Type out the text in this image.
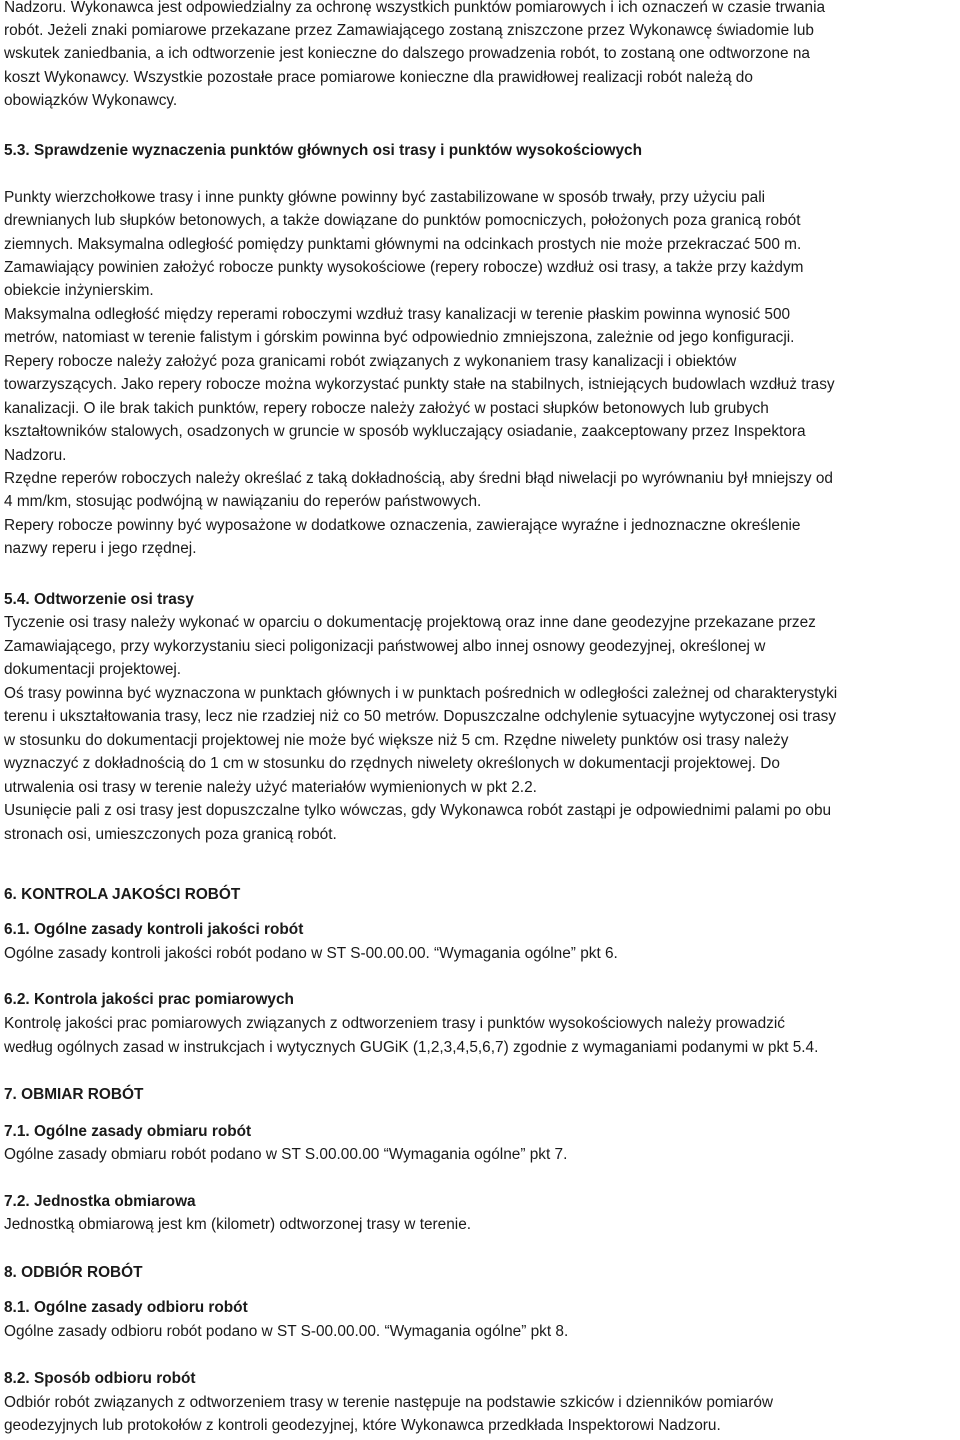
Nadzoru. Wykonawca jest odpowiedzialny za ochronę wszystkich punktów pomiarowych i ich oznaczeń w czasie trwania

robót. Jeżeli znaki pomiarowe przekazane przez Zamawiającego zostaną zniszczone przez Wykonawcę świadomie lub

wskutek zaniedbania, a ich odtworzenie jest konieczne do dalszego prowadzenia robót, to zostaną one odtworzone na

koszt Wykonawcy. Wszystkie pozostałe prace pomiarowe konieczne dla prawidłowej realizacji robót należą do

obowiązków Wykonawcy.

5.3. Sprawdzenie wyznaczenia punktów głównych osi trasy i punktów wysokościowych

Punkty wierzchołkowe trasy i inne punkty główne powinny być zastabilizowane w sposób trwały, przy użyciu pali

drewnianych lub słupków betonowych, a także dowiązane do punktów pomocniczych, położonych poza granicą robót

ziemnych. Maksymalna odległość pomiędzy punktami głównymi na odcinkach prostych nie może przekraczać 500 m.

Zamawiający powinien założyć robocze punkty wysokościowe (repery robocze) wzdłuż osi trasy, a także przy każdym

obiekcie inżynierskim.

Maksymalna odległość między reperami roboczymi wzdłuż trasy kanalizacji w terenie płaskim powinna wynosić 500

metrów, natomiast w terenie falistym i górskim powinna być odpowiednio zmniejszona, zależnie od jego konfiguracji.

Repery robocze należy założyć poza granicami robót związanych z wykonaniem trasy kanalizacji i obiektów

towarzyszących. Jako repery robocze można wykorzystać punkty stałe na stabilnych, istniejących budowlach wzdłuż trasy

kanalizacji. O ile brak takich punktów, repery robocze należy założyć w postaci słupków betonowych lub grubych

kształtowników stalowych, osadzonych w gruncie w sposób wykluczający osiadanie, zaakceptowany przez Inspektora

Nadzoru.

Rzędne reperów roboczych należy określać z taką dokładnością, aby średni błąd niwelacji po wyrównaniu był mniejszy od

4 mm/km, stosując podwójną w nawiązaniu do reperów państwowych.

Repery robocze powinny być wyposażone w dodatkowe oznaczenia, zawierające wyraźne i jednoznaczne określenie

nazwy reperu i jego rzędnej.

5.4. Odtworzenie osi trasy

Tyczenie osi trasy należy wykonać w oparciu o dokumentację projektową oraz inne dane geodezyjne przekazane przez

Zamawiającego, przy wykorzystaniu sieci poligonizacji państwowej albo innej osnowy geodezyjnej, określonej w

dokumentacji projektowej.

Oś trasy powinna być wyznaczona w punktach głównych i w punktach pośrednich w odległości zależnej od charakterystyki

terenu i ukształtowania trasy, lecz nie rzadziej niż co 50 metrów. Dopuszczalne odchylenie sytuacyjne wytyczonej osi trasy

w stosunku do dokumentacji projektowej nie może być większe niż 5 cm. Rzędne niwelety punktów osi trasy należy

wyznaczyć z dokładnością do 1 cm w stosunku do rzędnych niwelety określonych w dokumentacji projektowej. Do

utrwalenia osi trasy w terenie należy użyć materiałów wymienionych w pkt 2.2.

Usunięcie pali z osi trasy jest dopuszczalne tylko wówczas, gdy Wykonawca robót zastąpi je odpowiednimi palami po obu

stronach osi, umieszczonych poza granicą robót.

6. KONTROLA JAKOŚCI ROBÓT

6.1. Ogólne zasady kontroli jakości robót

Ogólne zasady kontroli jakości robót podano w ST S-00.00.00. “Wymagania ogólne” pkt 6.

6.2. Kontrola jakości prac pomiarowych

Kontrolę jakości prac pomiarowych związanych z odtworzeniem trasy i punktów wysokościowych należy prowadzić

według ogólnych zasad w instrukcjach i wytycznych GUGiK (1,2,3,4,5,6,7) zgodnie z wymaganiami podanymi w pkt 5.4.

7. OBMIAR ROBÓT

7.1. Ogólne zasady obmiaru robót

Ogólne zasady obmiaru robót podano w ST S.00.00.00 “Wymagania ogólne” pkt 7.

7.2. Jednostka obmiarowa

Jednostką obmiarową jest km (kilometr) odtworzonej trasy w terenie.

8. ODBIÓR ROBÓT

8.1. Ogólne zasady odbioru robót

Ogólne zasady odbioru robót podano w ST S-00.00.00. “Wymagania ogólne” pkt 8.

8.2. Sposób odbioru robót

Odbiór robót związanych z odtworzeniem trasy w terenie następuje na podstawie szkiców i dzienników pomiarów

geodezyjnych lub protokołów z kontroli geodezyjnej, które Wykonawca przedkłada Inspektorowi Nadzoru.
